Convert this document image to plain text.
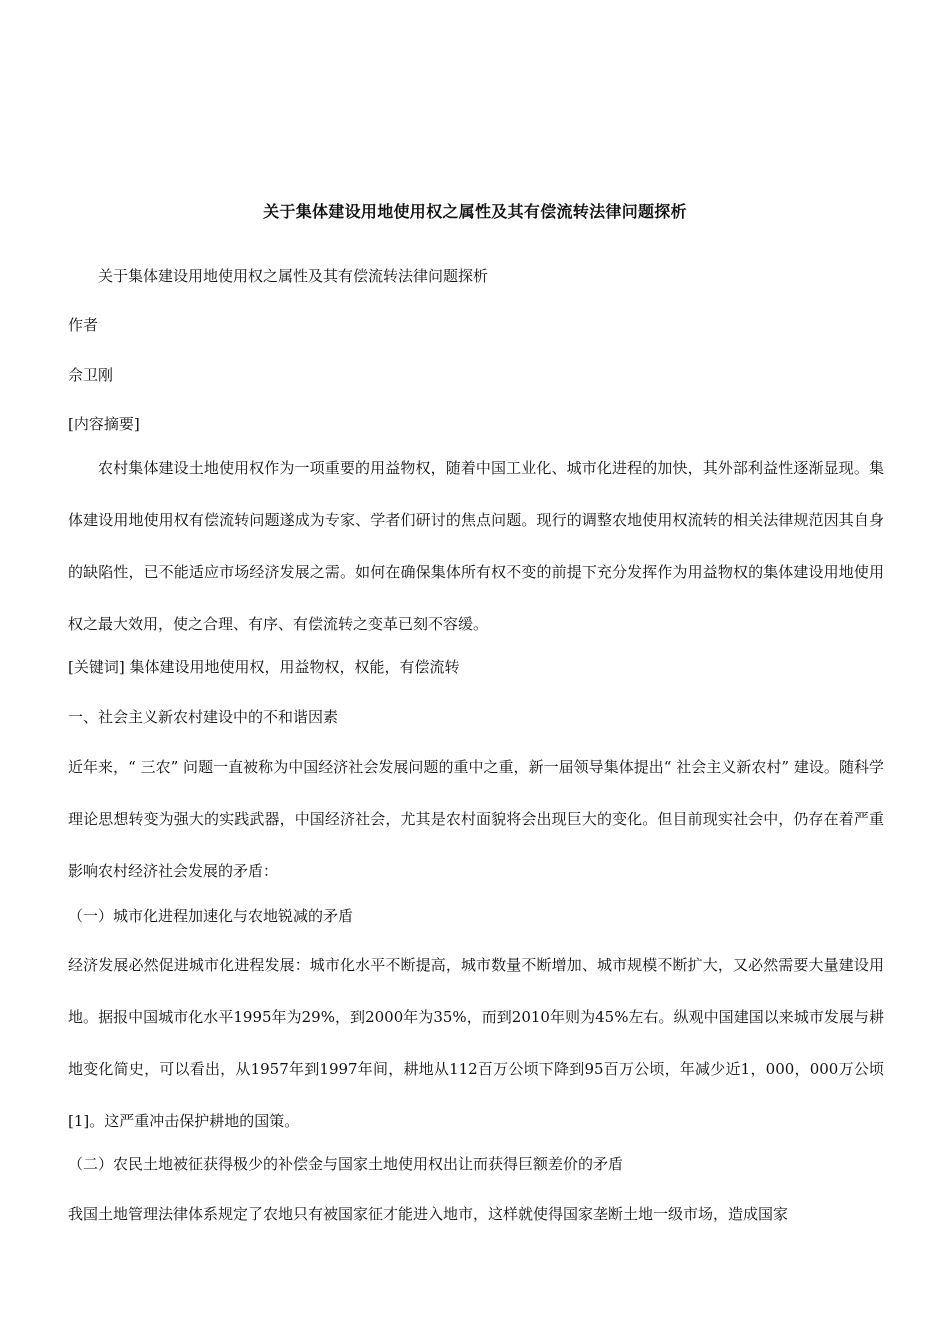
关于集体建设用地使用权之属性及其有偿流转法律问题探析
关于集体建设用地使用权之属性及其有偿流转法律问题探析
作者
佘卫刚
[内容摘要]
农村集体建设土地使用权作为一项重要的用益物权，随着中国工业化、城市化进程的加快，其外部利益性逐渐显现。集体建设用地使用权有偿流转问题遂成为专家、学者们研讨的焦点问题。现行的调整农地使用权流转的相关法律规范因其自身的缺陷性，已不能适应市场经济发展之需。如何在确保集体所有权不变的前提下充分发挥作为用益物权的集体建设用地使用权之最大效用，使之合理、有序、有偿流转之变革已刻不容缓。
[关键词] 集体建设用地使用权，用益物权，权能，有偿流转
一、社会主义新农村建设中的不和谐因素
近年来，“ 三农” 问题一直被称为中国经济社会发展问题的重中之重，新一届领导集体提出“ 社会主义新农村” 建设。随科学理论思想转变为强大的实践武器，中国经济社会，尤其是农村面貌将会出现巨大的变化。但目前现实社会中，仍存在着严重影响农村经济社会发展的矛盾：
（一）城市化进程加速化与农地锐减的矛盾
经济发展必然促进城市化进程发展：城市化水平不断提高，城市数量不断增加、城市规模不断扩大，又必然需要大量建设用地。据报中国城市化水平1995年为29%，到2000年为35%，而到2010年则为45%左右。纵观中国建国以来城市发展与耕地变化简史，可以看出，从1957年到1997年间，耕地从112百万公顷下降到95百万公顷，年减少近1，000，000万公顷[1]。这严重冲击保护耕地的国策。
（二）农民土地被征获得极少的补偿金与国家土地使用权出让而获得巨额差价的矛盾
我国土地管理法律体系规定了农地只有被国家征才能进入地市，这样就使得国家垄断土地一级市场，造成国家
